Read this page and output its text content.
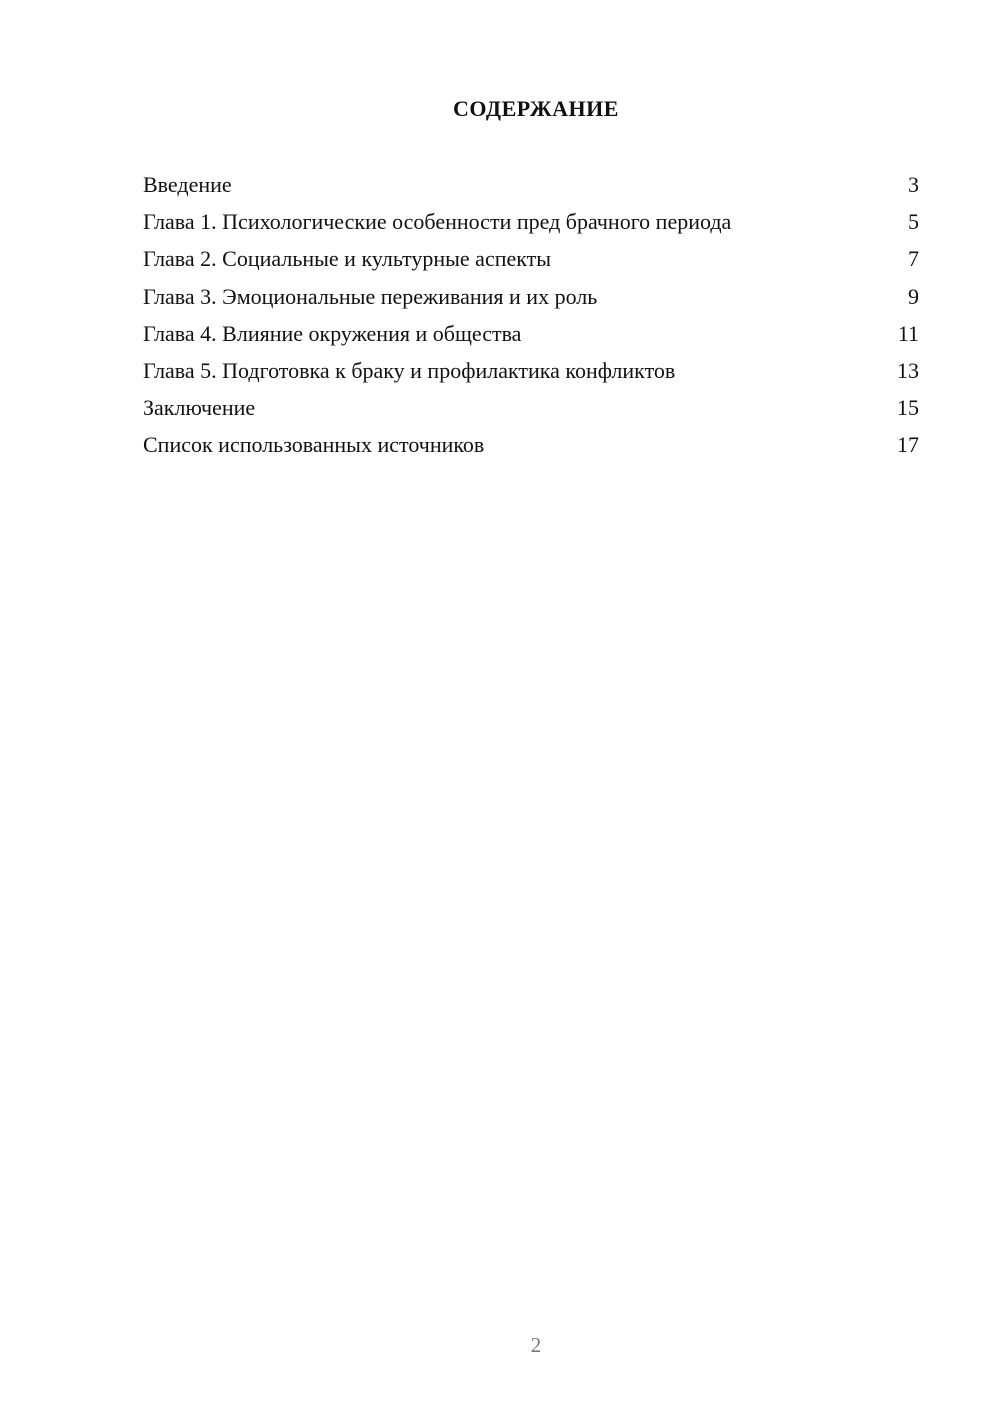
СОДЕРЖАНИЕ
Введение	3
Глава 1. Психологические особенности пред брачного периода	5
Глава 2. Социальные и культурные аспекты	7
Глава 3. Эмоциональные переживания и их роль	9
Глава 4. Влияние окружения и общества	11
Глава 5. Подготовка к браку и профилактика конфликтов	13
Заключение	15
Список использованных источников	17
2
